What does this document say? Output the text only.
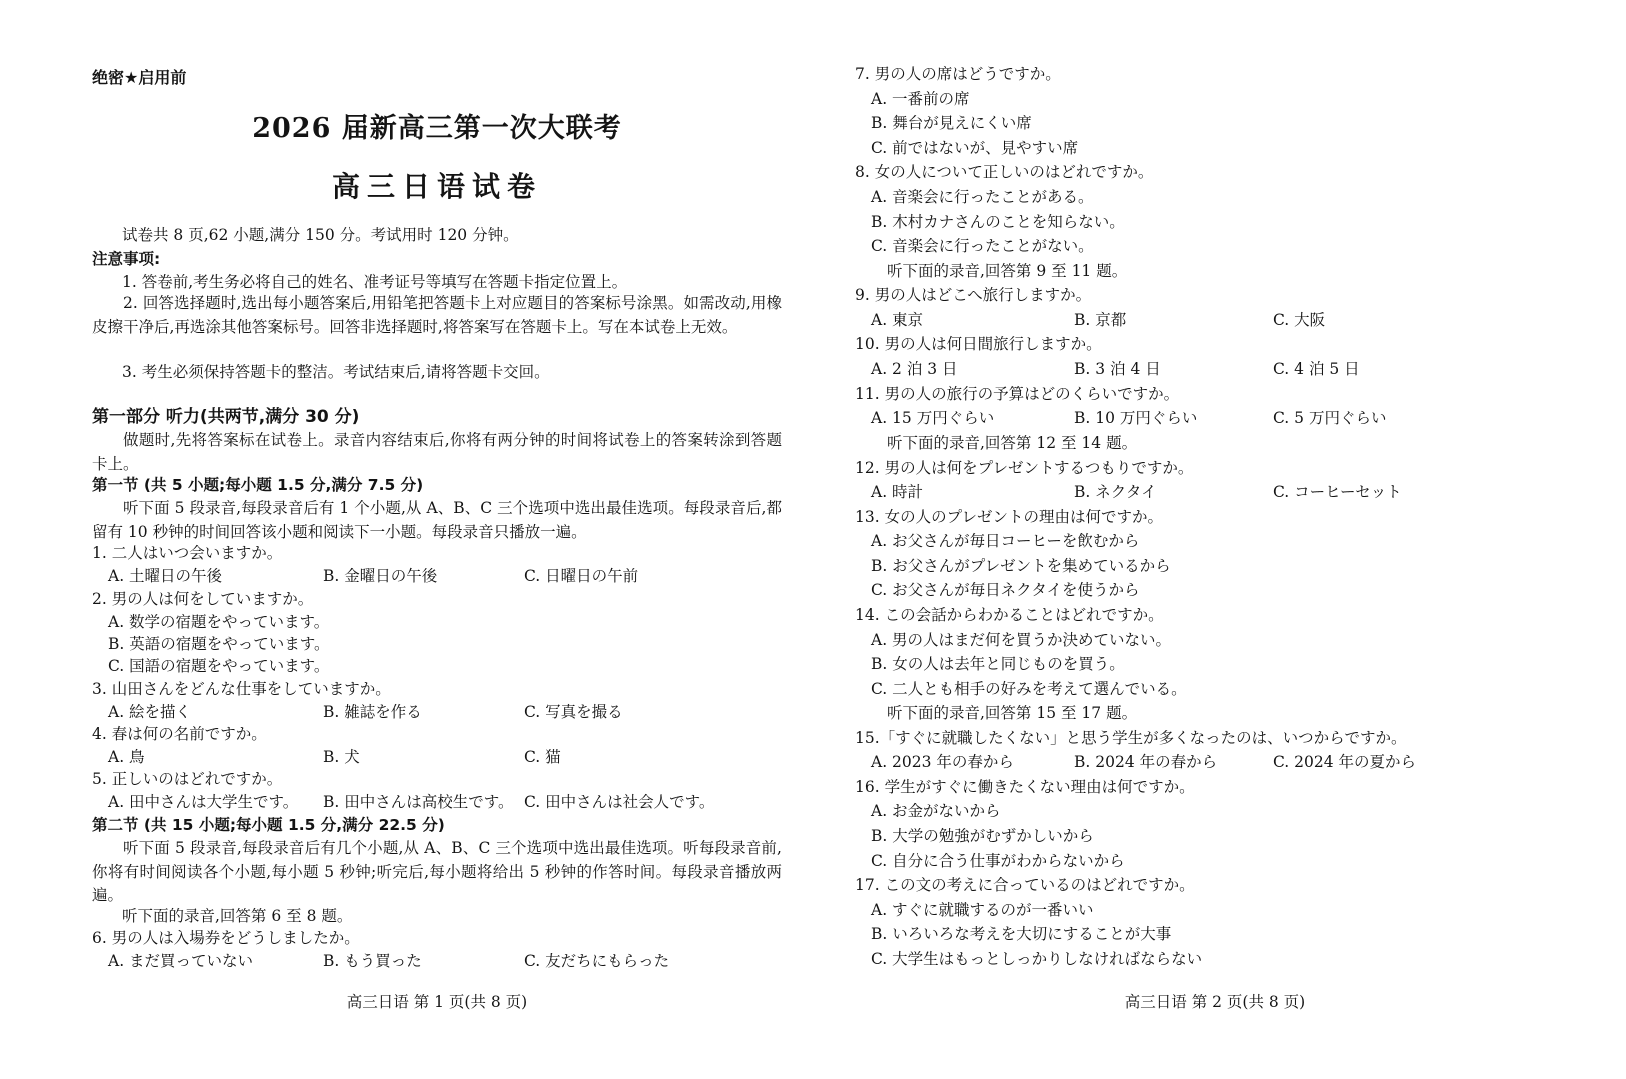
绝密★启用前
2026 届新高三第一次大联考
高三日语试卷
试卷共 8 页,62 小题,满分 150 分。考试用时 120 分钟。
注意事项:
1. 答卷前,考生务必将自己的姓名、准考证号等填写在答题卡指定位置上。

2. 回答选择题时,选出每小题答案后,用铅笔把答题卡上对应题目的答案标号涂黑。如需改动,用橡皮擦干净后,再选涂其他答案标号。回答非选择题时,将答案写在答题卡上。写在本试卷上无效。

3. 考生必须保持答题卡的整洁。考试结束后,请将答题卡交回。
第一部分 听力(共两节,满分 30 分)

做题时,先将答案标在试卷上。录音内容结束后,你将有两分钟的时间将试卷上的答案转涂到答题卡上。

第一节 (共 5 小题;每小题 1.5 分,满分 7.5 分)

听下面 5 段录音,每段录音后有 1 个小题,从 A、B、C 三个选项中选出最佳选项。每段录音后,都留有 10 秒钟的时间回答该小题和阅读下一小题。每段录音只播放一遍。

1. 二人はいつ会いますか。
A. 土曜日の午後	B. 金曜日の午後	C. 日曜日の午前
2. 男の人は何をしていますか。
A. 数学の宿題をやっています。
B. 英語の宿題をやっています。
C. 国語の宿題をやっています。
3. 山田さんをどんな仕事をしていますか。
A. 絵を描く	B. 雑誌を作る	C. 写真を撮る
4. 春は何の名前ですか。
A. 鳥	B. 犬	C. 猫
5. 正しいのはどれですか。
A. 田中さんは大学生です。 B. 田中さんは高校生です。 C. 田中さんは社会人です。
第二节 (共 15 小题;每小题 1.5 分,满分 22.5 分)

听下面 5 段录音,每段录音后有几个小题,从 A、B、C 三个选项中选出最佳选项。听每段录音前,你将有时间阅读各个小题,每小题 5 秒钟;听完后,每小题将给出 5 秒钟的作答时间。每段录音播放两遍。

听下面的录音,回答第 6 至 8 题。
6. 男の人は入場券をどうしましたか。
A. まだ買っていない	B. もう買った	C. 友だちにもらった
高三日语 第 1 页(共 8 页)
7. 男の人の席はどうですか。
A. 一番前の席
B. 舞台が見えにくい席
C. 前ではないが、見やすい席
8. 女の人について正しいのはどれですか。
A. 音楽会に行ったことがある。
B. 木村カナさんのことを知らない。
C. 音楽会に行ったことがない。
听下面的录音,回答第 9 至 11 题。
9. 男の人はどこへ旅行しますか。
A. 東京	B. 京都	C. 大阪
10. 男の人は何日間旅行しますか。
A. 2 泊 3 日	B. 3 泊 4 日	C. 4 泊 5 日
11. 男の人の旅行の予算はどのくらいですか。
A. 15 万円ぐらい	B. 10 万円ぐらい	C. 5 万円ぐらい
听下面的录音,回答第 12 至 14 题。
12. 男の人は何をプレゼントするつもりですか。
A. 時計	B. ネクタイ	C. コーヒーセット
13. 女の人のプレゼントの理由は何ですか。
A. お父さんが毎日コーヒーを飲むから
B. お父さんがプレゼントを集めているから
C. お父さんが毎日ネクタイを使うから
14. この会話からわかることはどれですか。
A. 男の人はまだ何を買うか決めていない。
B. 女の人は去年と同じものを買う。
C. 二人とも相手の好みを考えて選んでいる。
听下面的录音,回答第 15 至 17 题。
15.「すぐに就職したくない」と思う学生が多くなったのは、いつからですか。
A. 2023 年の春から	B. 2024 年の春から	C. 2024 年の夏から
16. 学生がすぐに働きたくない理由は何ですか。
A. お金がないから
B. 大学の勉強がむずかしいから
C. 自分に合う仕事がわからないから
17. この文の考えに合っているのはどれですか。
A. すぐに就職するのが一番いい
B. いろいろな考えを大切にすることが大事
C. 大学生はもっとしっかりしなければならない
高三日语 第 2 页(共 8 页)
